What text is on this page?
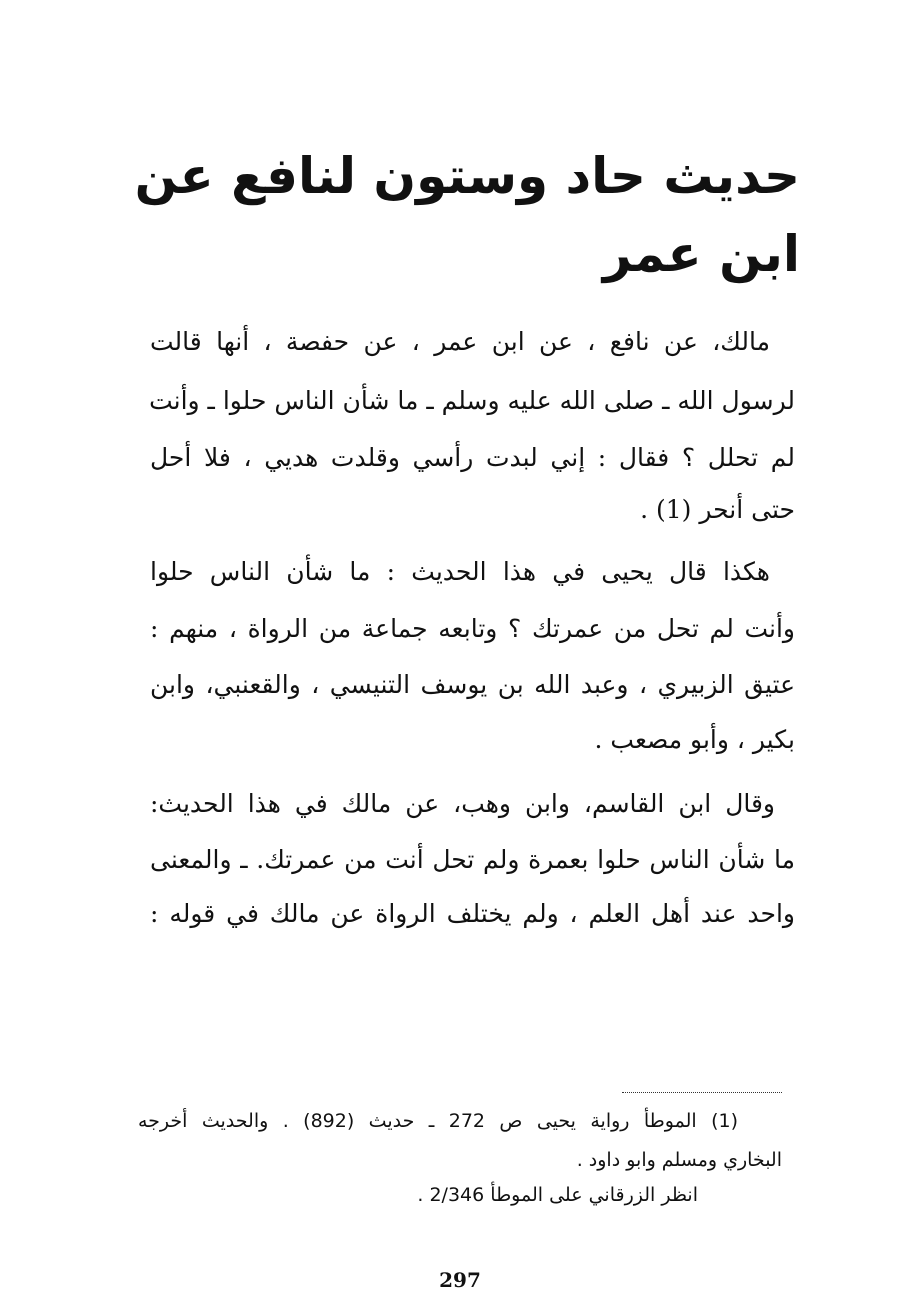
حديث حاد وستون لنافع عن
ابن عمر
مالك، عن نافع ، عن ابن عمر ، عن حفصة ، أنها قالت
لرسول الله ـ صلى الله عليه وسلم ـ ما شأن الناس حلوا ـ وأنت
لم تحلل ؟ فقال : إني لبدت رأسي وقلدت هديي ، فلا أحل
حتى أنحر (1) .
هكذا قال يحيى في هذا الحديث : ما شأن الناس حلوا
وأنت لم تحل من عمرتك ؟ وتابعه جماعة من الرواة ، منهم :
عتيق الزبيري ، وعبد الله بن يوسف التنيسي ، والقعنبي، وابن
بكير ، وأبو مصعب .
وقال ابن القاسم، وابن وهب، عن مالك في هذا الحديث:
ما شأن الناس حلوا بعمرة ولم تحل أنت من عمرتك. ـ والمعنى
واحد عند أهل العلم ، ولم يختلف الرواة عن مالك في قوله :
(1) الموطأ رواية يحيى ص 272 ـ حديث (892) . والحديث أخرجه
البخاري ومسلم وابو داود .
انظر الزرقاني على الموطأ 2/346 .
297
